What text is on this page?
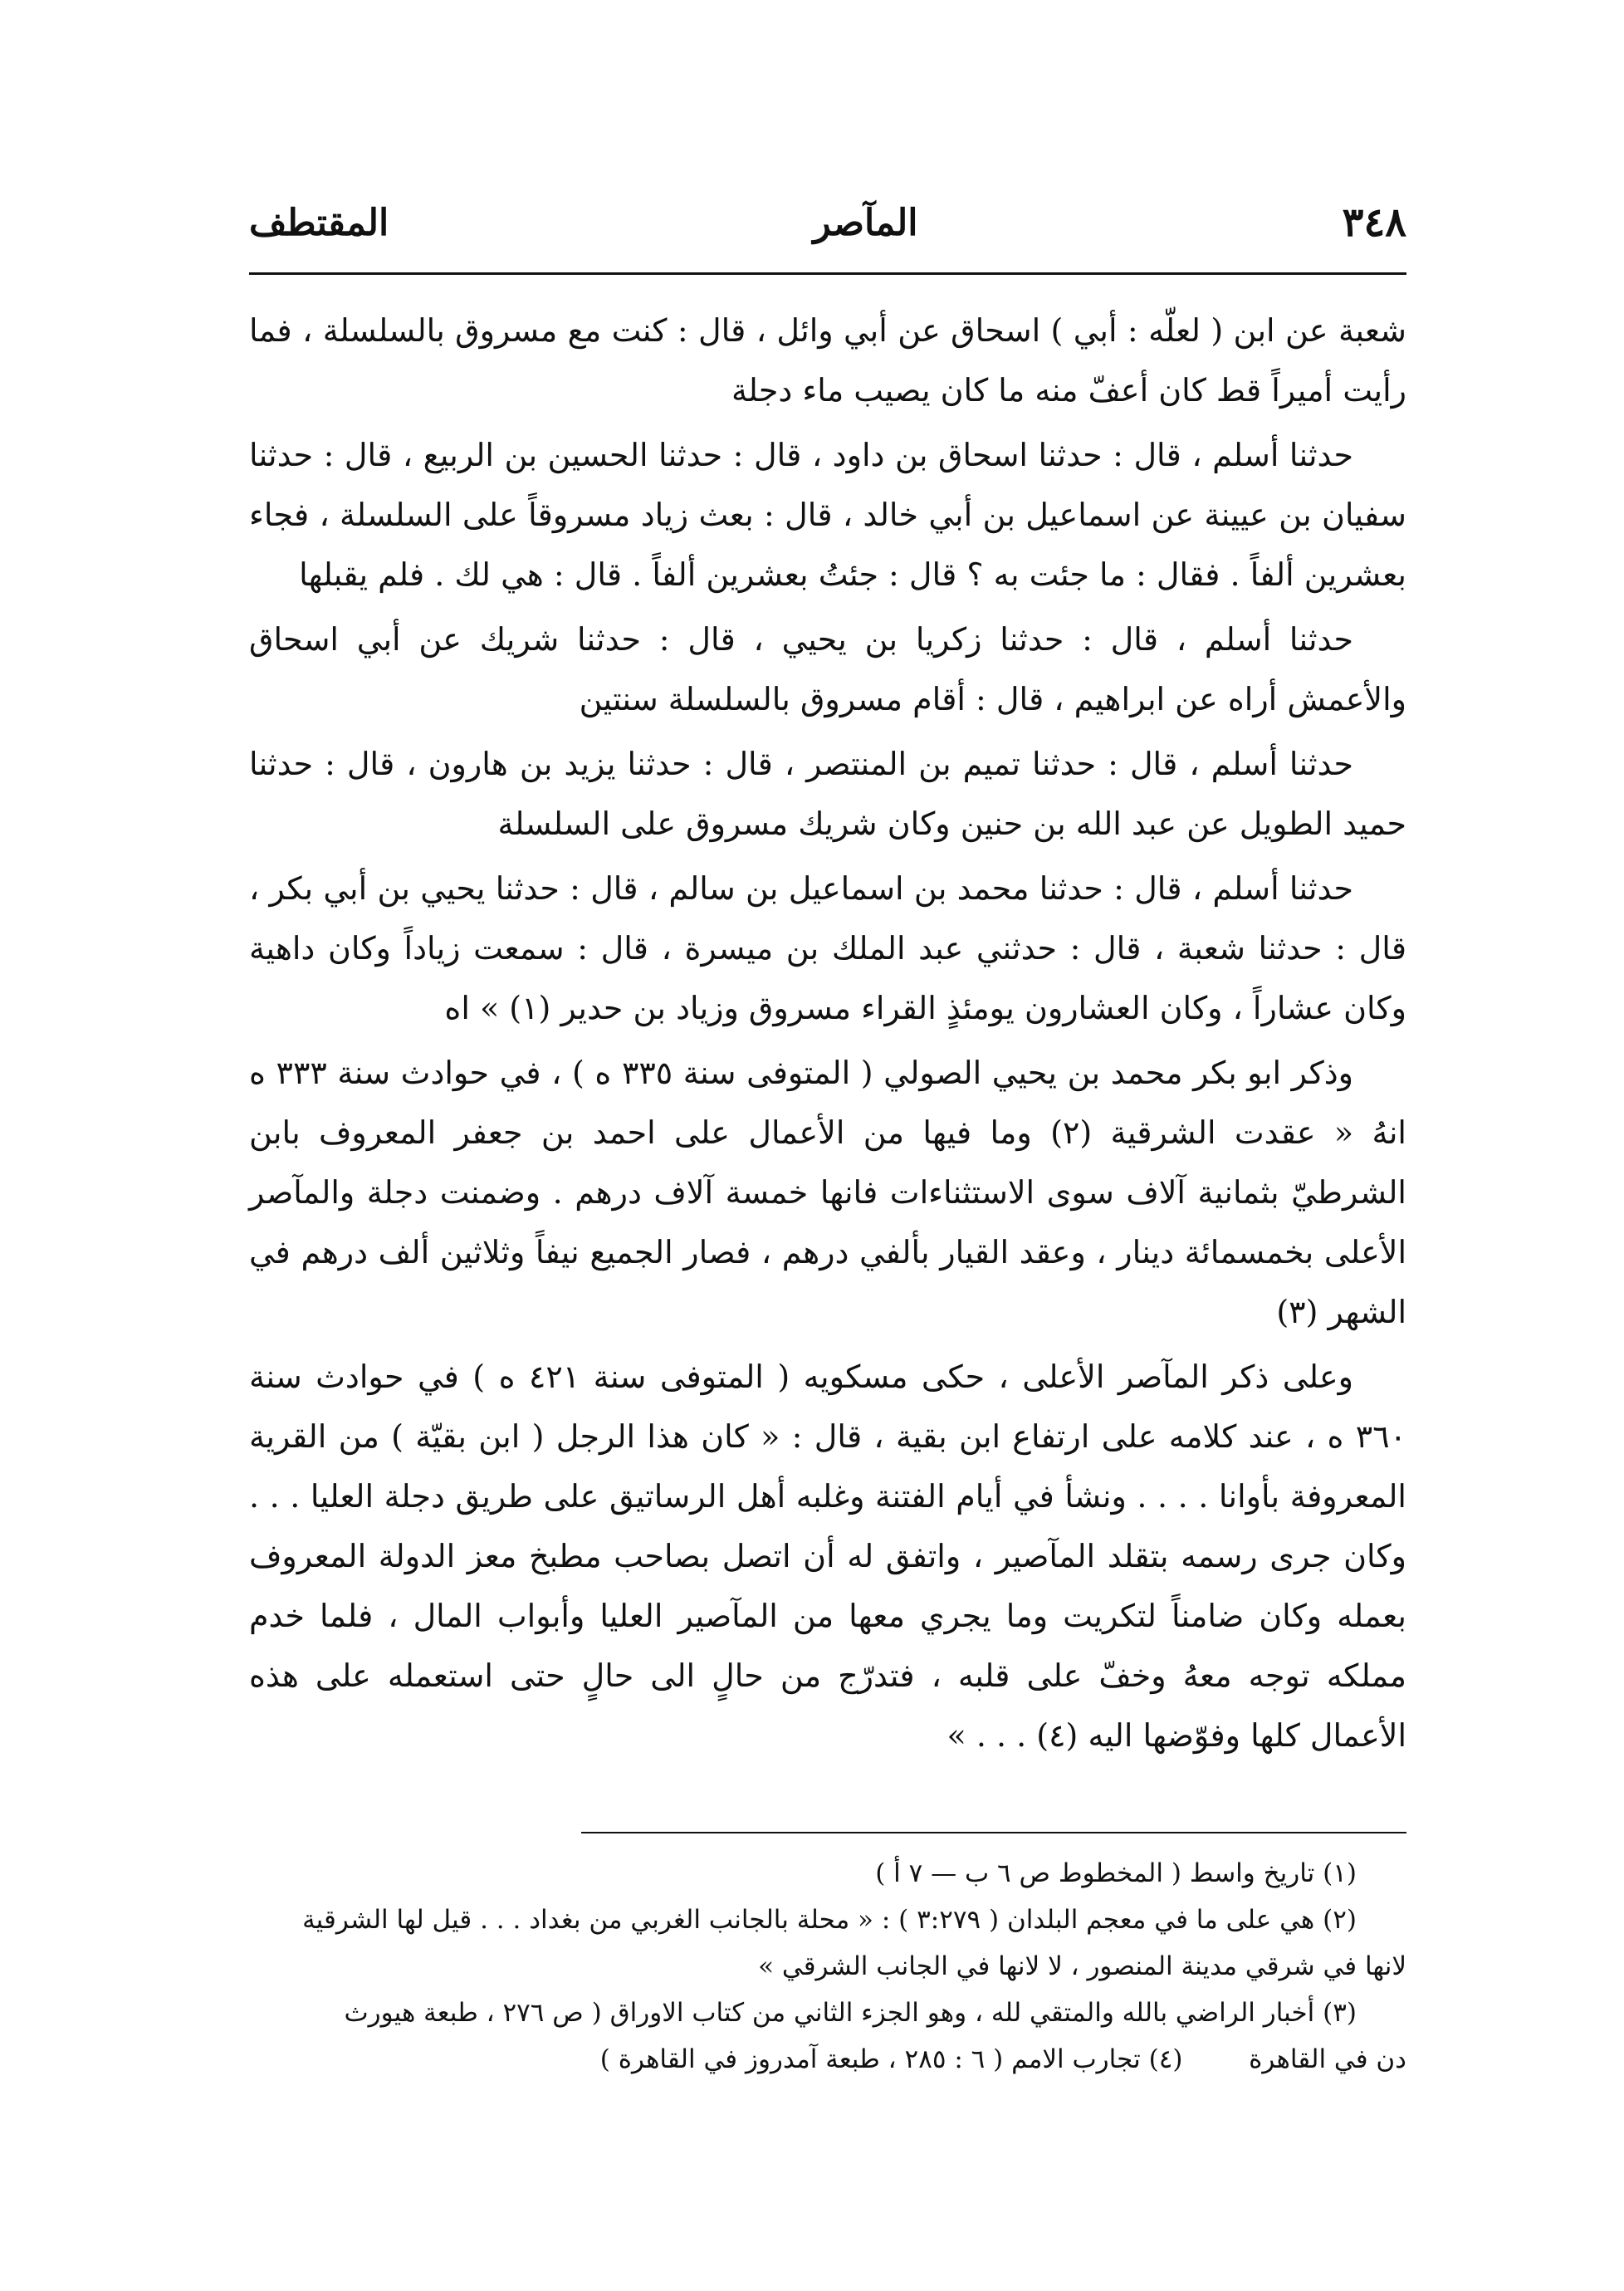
٣٤٨
المآصر
المقتطف

شعبة عن ابن ( لعلّه : أبي ) اسحاق عن أبي وائل ، قال : كنت مع مسروق بالسلسلة ، فما رأيت أميراً قط كان أعفّ منه ما كان يصيب ماء دجلة

حدثنا أسلم ، قال : حدثنا اسحاق بن داود ، قال : حدثنا الحسين بن الربيع ، قال : حدثنا سفيان بن عيينة عن اسماعيل بن أبي خالد ، قال : بعث زياد مسروقاً على السلسلة ، فجاء بعشرين ألفاً . فقال : ما جئت به ؟ قال : جئتُ بعشرين ألفاً . قال : هي لك . فلم يقبلها

حدثنا أسلم ، قال : حدثنا زكريا بن يحيي ، قال : حدثنا شريك عن أبي اسحاق والأعمش أراه عن ابراهيم ، قال : أقام مسروق بالسلسلة سنتين

حدثنا أسلم ، قال : حدثنا تميم بن المنتصر ، قال : حدثنا يزيد بن هارون ، قال : حدثنا حميد الطويل عن عبد الله بن حنين وكان شريك مسروق على السلسلة

حدثنا أسلم ، قال : حدثنا محمد بن اسماعيل بن سالم ، قال : حدثنا يحيي بن أبي بكر ، قال : حدثنا شعبة ، قال : حدثني عبد الملك بن ميسرة ، قال : سمعت زياداً وكان داهية وكان عشاراً ، وكان العشارون يومئذٍ القراء مسروق وزياد بن حدير (١) » اه

وذكر ابو بكر محمد بن يحيي الصولي ( المتوفى سنة ٣٣٥ ه ) ، في حوادث سنة ٣٣٣ ه انهُ « عقدت الشرقية (٢) وما فيها من الأعمال على احمد بن جعفر المعروف بابن الشرطيّ بثمانية آلاف سوى الاستثناءات فانها خمسة آلاف درهم . وضمنت دجلة والمآصر الأعلى بخمسمائة دينار ، وعقد القيار بألفي درهم ، فصار الجميع نيفاً وثلاثين ألف درهم في الشهر (٣)

وعلى ذكر المآصر الأعلى ، حكى مسكويه ( المتوفى سنة ٤٢١ ه ) في حوادث سنة ٣٦٠ ه ، عند كلامه على ارتفاع ابن بقية ، قال : « كان هذا الرجل ( ابن بقيّة ) من القرية المعروفة بأوانا . . . . ونشأ في أيام الفتنة وغلبه أهل الرساتيق على طريق دجلة العليا . . . وكان جرى رسمه بتقلد المآصير ، واتفق له أن اتصل بصاحب مطبخ معز الدولة المعروف بعمله وكان ضامناً لتكريت وما يجري معها من المآصير العليا وأبواب المال ، فلما خدم مملكه توجه معهُ وخفّ على قلبه ، فتدرّج من حالٍ الى حالٍ حتى استعمله على هذه الأعمال كلها وفوّضها اليه (٤) . . . »

(١) تاريخ واسط ( المخطوط ص ٦ ب — ٧ أ )

(٢) هي على ما في معجم البلدان ( ٣:٢٧٩ ) : « محلة بالجانب الغربي من بغداد . . . قيل لها الشرقية

لانها في شرقي مدينة المنصور ، لا لانها في الجانب الشرقي »

(٣) أخبار الراضي بالله والمتقي لله ، وهو الجزء الثاني من كتاب الاوراق ( ص ٢٧٦ ، طبعة هيورث

دن في القاهرة  (٤) تجارب الامم ( ٦ : ٢٨٥ ، طبعة آمدروز في القاهرة )
